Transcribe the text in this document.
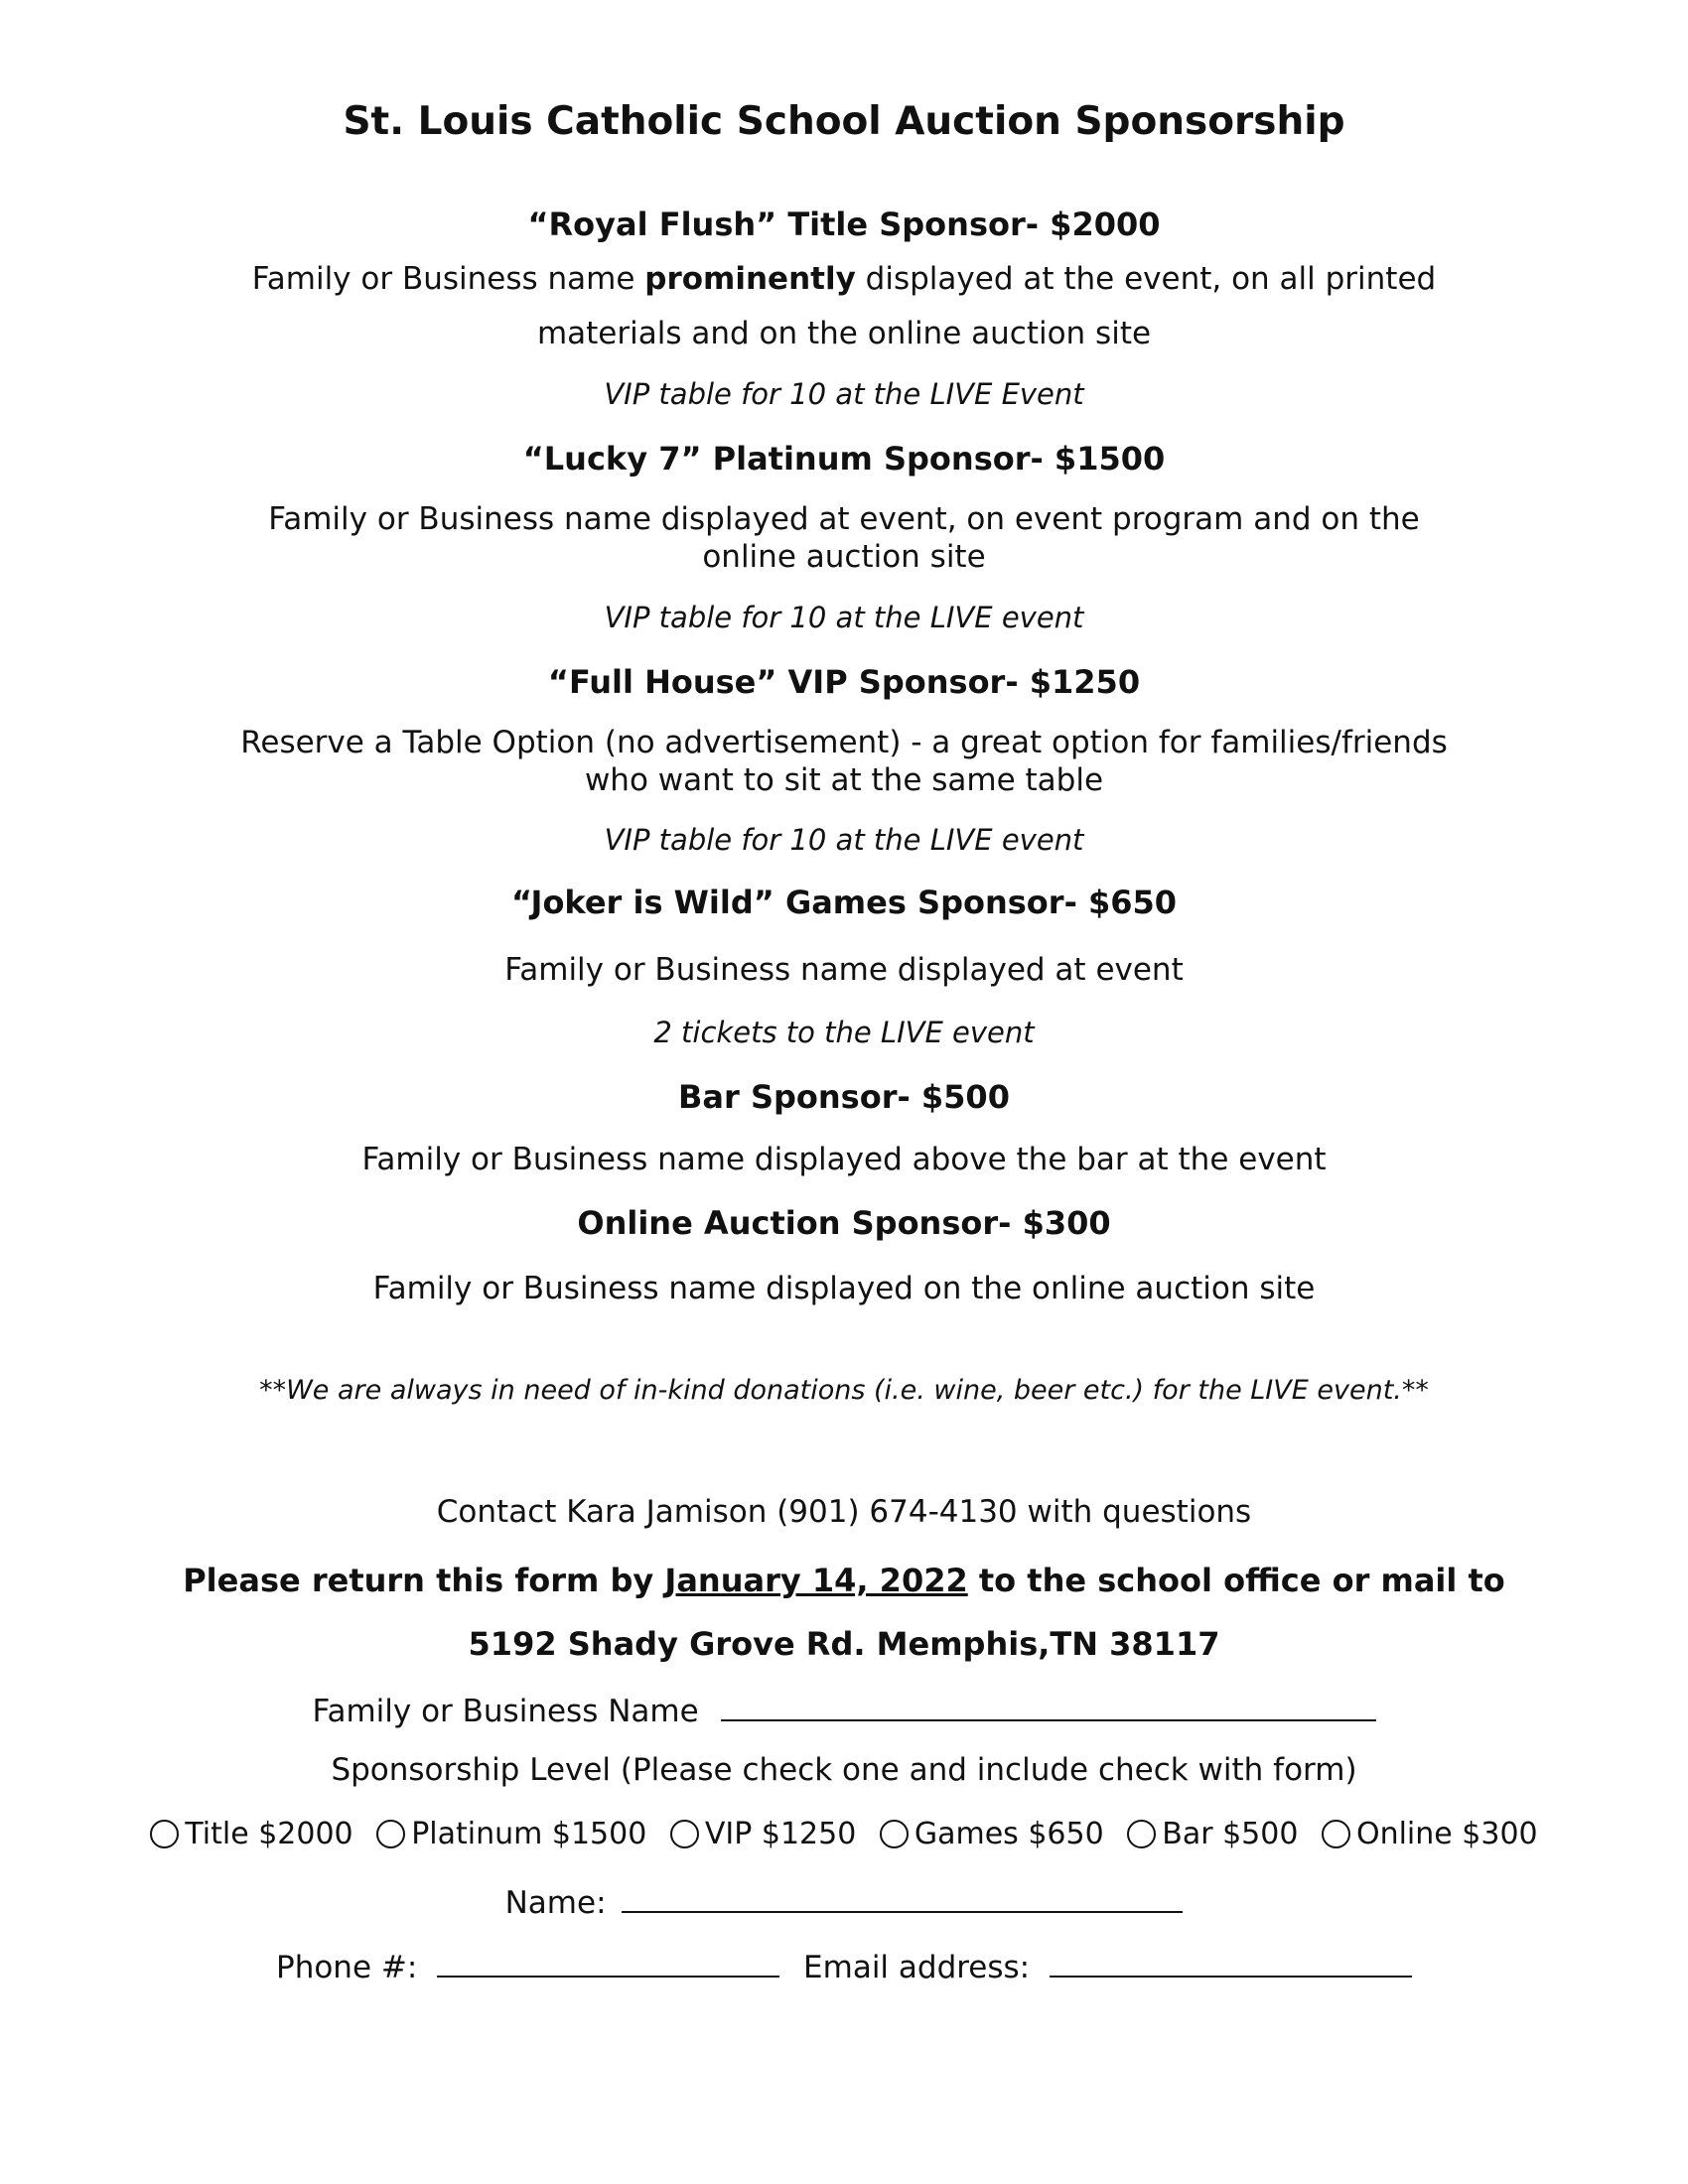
St. Louis Catholic School Auction Sponsorship
“Royal Flush” Title Sponsor- $2000
Family or Business name prominently displayed at the event, on all printed
materials and on the online auction site
VIP table for 10 at the LIVE Event
“Lucky 7” Platinum Sponsor- $1500
Family or Business name displayed at event, on event program and on the
online auction site
VIP table for 10 at the LIVE event
“Full House” VIP Sponsor- $1250
Reserve a Table Option (no advertisement) - a great option for families/friends
who want to sit at the same table
VIP table for 10 at the LIVE event
“Joker is Wild” Games Sponsor- $650
Family or Business name displayed at event
2 tickets to the LIVE event
Bar Sponsor- $500
Family or Business name displayed above the bar at the event
Online Auction Sponsor- $300
Family or Business name displayed on the online auction site
**We are always in need of in-kind donations (i.e. wine, beer etc.) for the LIVE event.**
Contact Kara Jamison (901) 674-4130 with questions
Please return this form by January 14, 2022 to the school office or mail to
5192 Shady Grove Rd. Memphis,TN 38117
Family or Business Name
Sponsorship Level (Please check one and include check with form)
Title $2000
Platinum $1500
VIP $1250
Games $650
Bar $500
Online $300
Name:
Phone #:	Email address:
